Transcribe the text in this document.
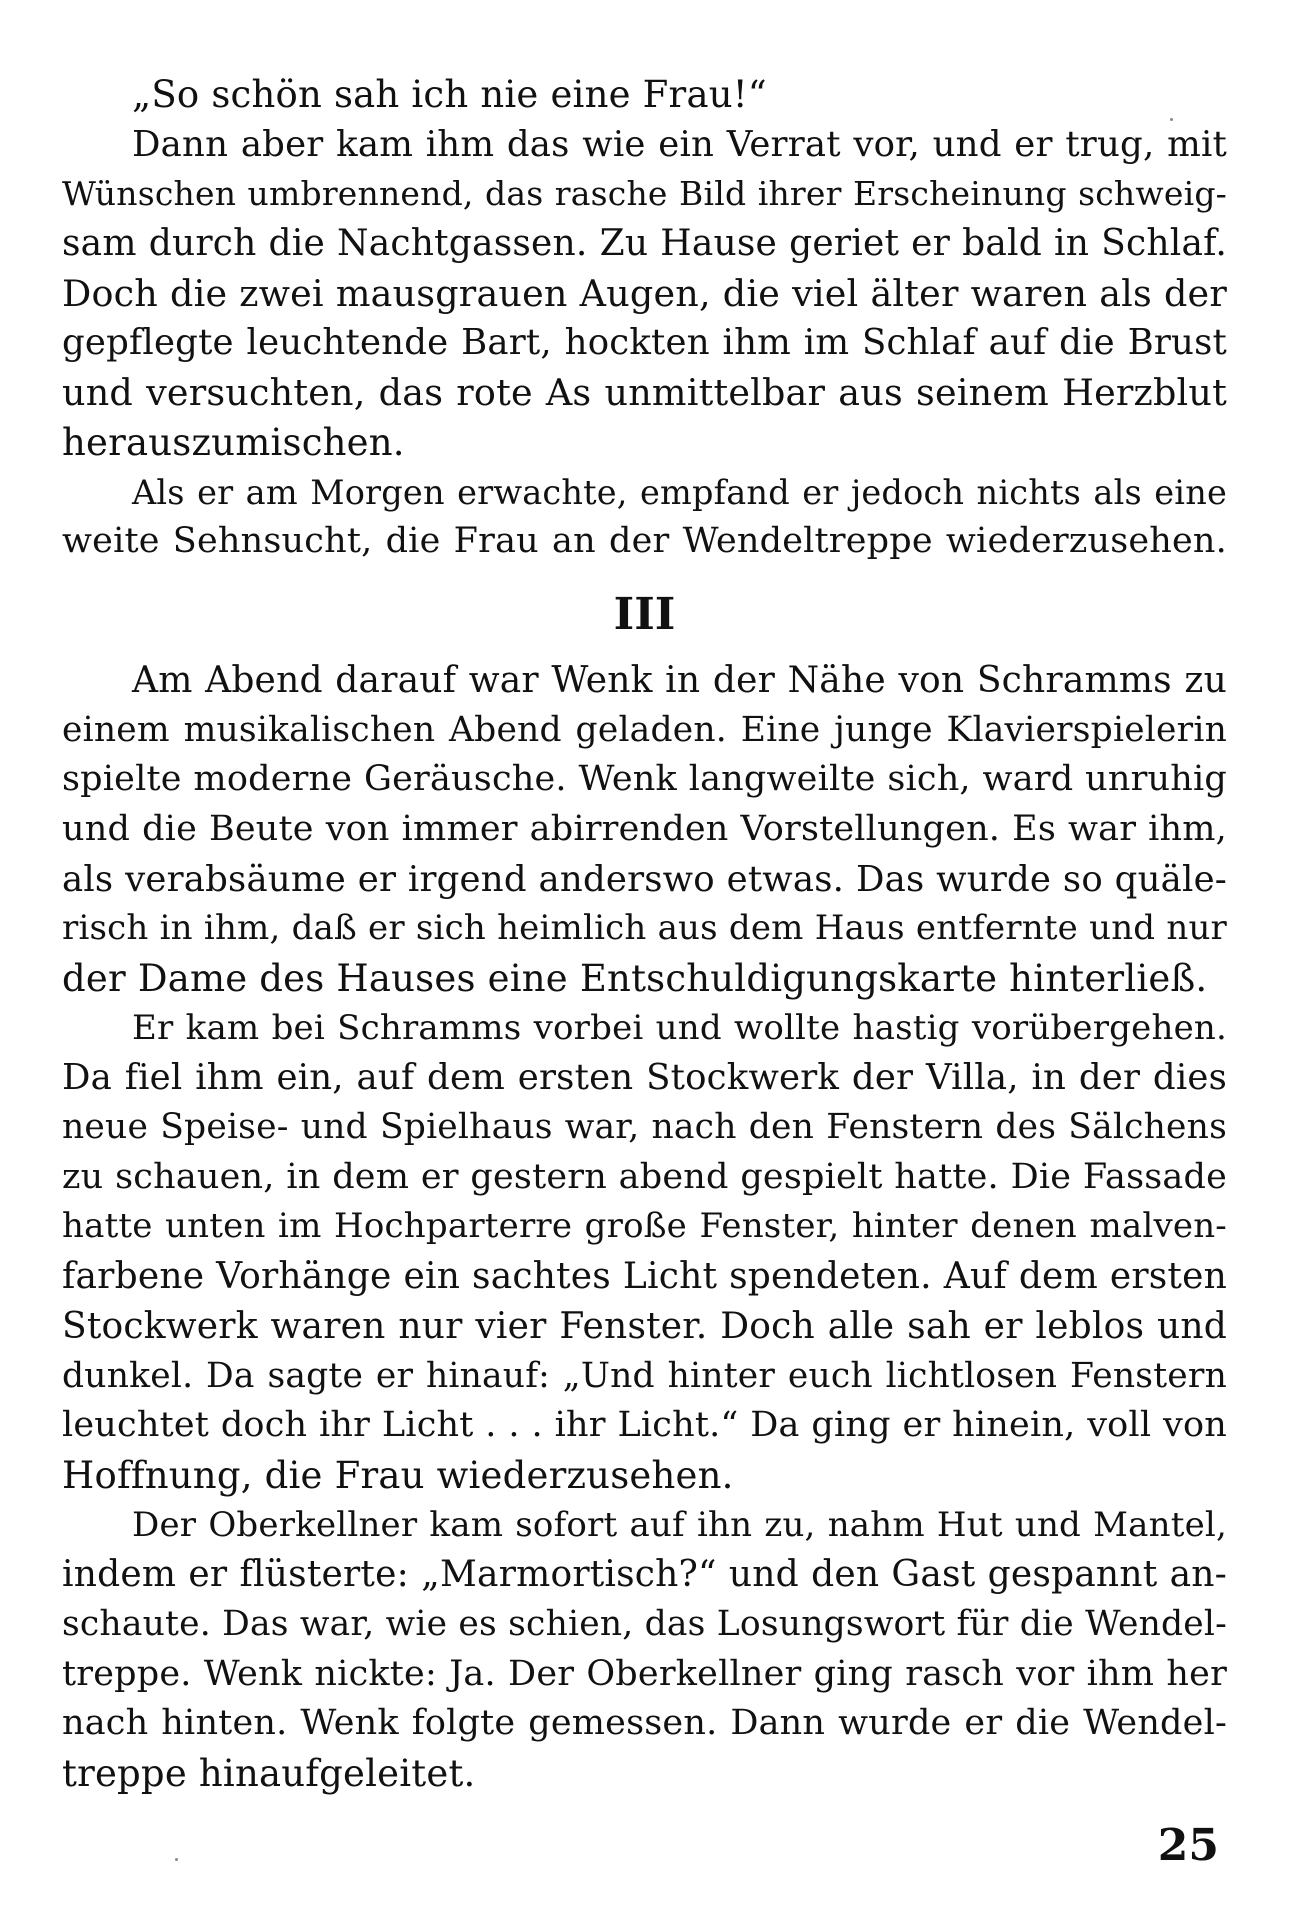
„So schön sah ich nie eine Frau!“
Dann aber kam ihm das wie ein Verrat vor, und er trug, mit
Wünschen umbrennend, das rasche Bild ihrer Erscheinung schweig-
sam durch die Nachtgassen. Zu Hause geriet er bald in Schlaf.
Doch die zwei mausgrauen Augen, die viel älter waren als der
gepflegte leuchtende Bart, hockten ihm im Schlaf auf die Brust
und versuchten, das rote As unmittelbar aus seinem Herzblut
herauszumischen.
Als er am Morgen erwachte, empfand er jedoch nichts als eine
weite Sehnsucht, die Frau an der Wendeltreppe wiederzusehen.
III
Am Abend darauf war Wenk in der Nähe von Schramms zu
einem musikalischen Abend geladen. Eine junge Klavierspielerin
spielte moderne Geräusche. Wenk langweilte sich, ward unruhig
und die Beute von immer abirrenden Vorstellungen. Es war ihm,
als verabsäume er irgend anderswo etwas. Das wurde so quäle-
risch in ihm, daß er sich heimlich aus dem Haus entfernte und nur
der Dame des Hauses eine Entschuldigungskarte hinterließ.
Er kam bei Schramms vorbei und wollte hastig vorübergehen.
Da fiel ihm ein, auf dem ersten Stockwerk der Villa, in der dies
neue Speise- und Spielhaus war, nach den Fenstern des Sälchens
zu schauen, in dem er gestern abend gespielt hatte. Die Fassade
hatte unten im Hochparterre große Fenster, hinter denen malven-
farbene Vorhänge ein sachtes Licht spendeten. Auf dem ersten
Stockwerk waren nur vier Fenster. Doch alle sah er leblos und
dunkel. Da sagte er hinauf: „Und hinter euch lichtlosen Fenstern
leuchtet doch ihr Licht . . . ihr Licht.“ Da ging er hinein, voll von
Hoffnung, die Frau wiederzusehen.
Der Oberkellner kam sofort auf ihn zu, nahm Hut und Mantel,
indem er flüsterte: „Marmortisch?“ und den Gast gespannt an-
schaute. Das war, wie es schien, das Losungswort für die Wendel-
treppe. Wenk nickte: Ja. Der Oberkellner ging rasch vor ihm her
nach hinten. Wenk folgte gemessen. Dann wurde er die Wendel-
treppe hinaufgeleitet.
25
